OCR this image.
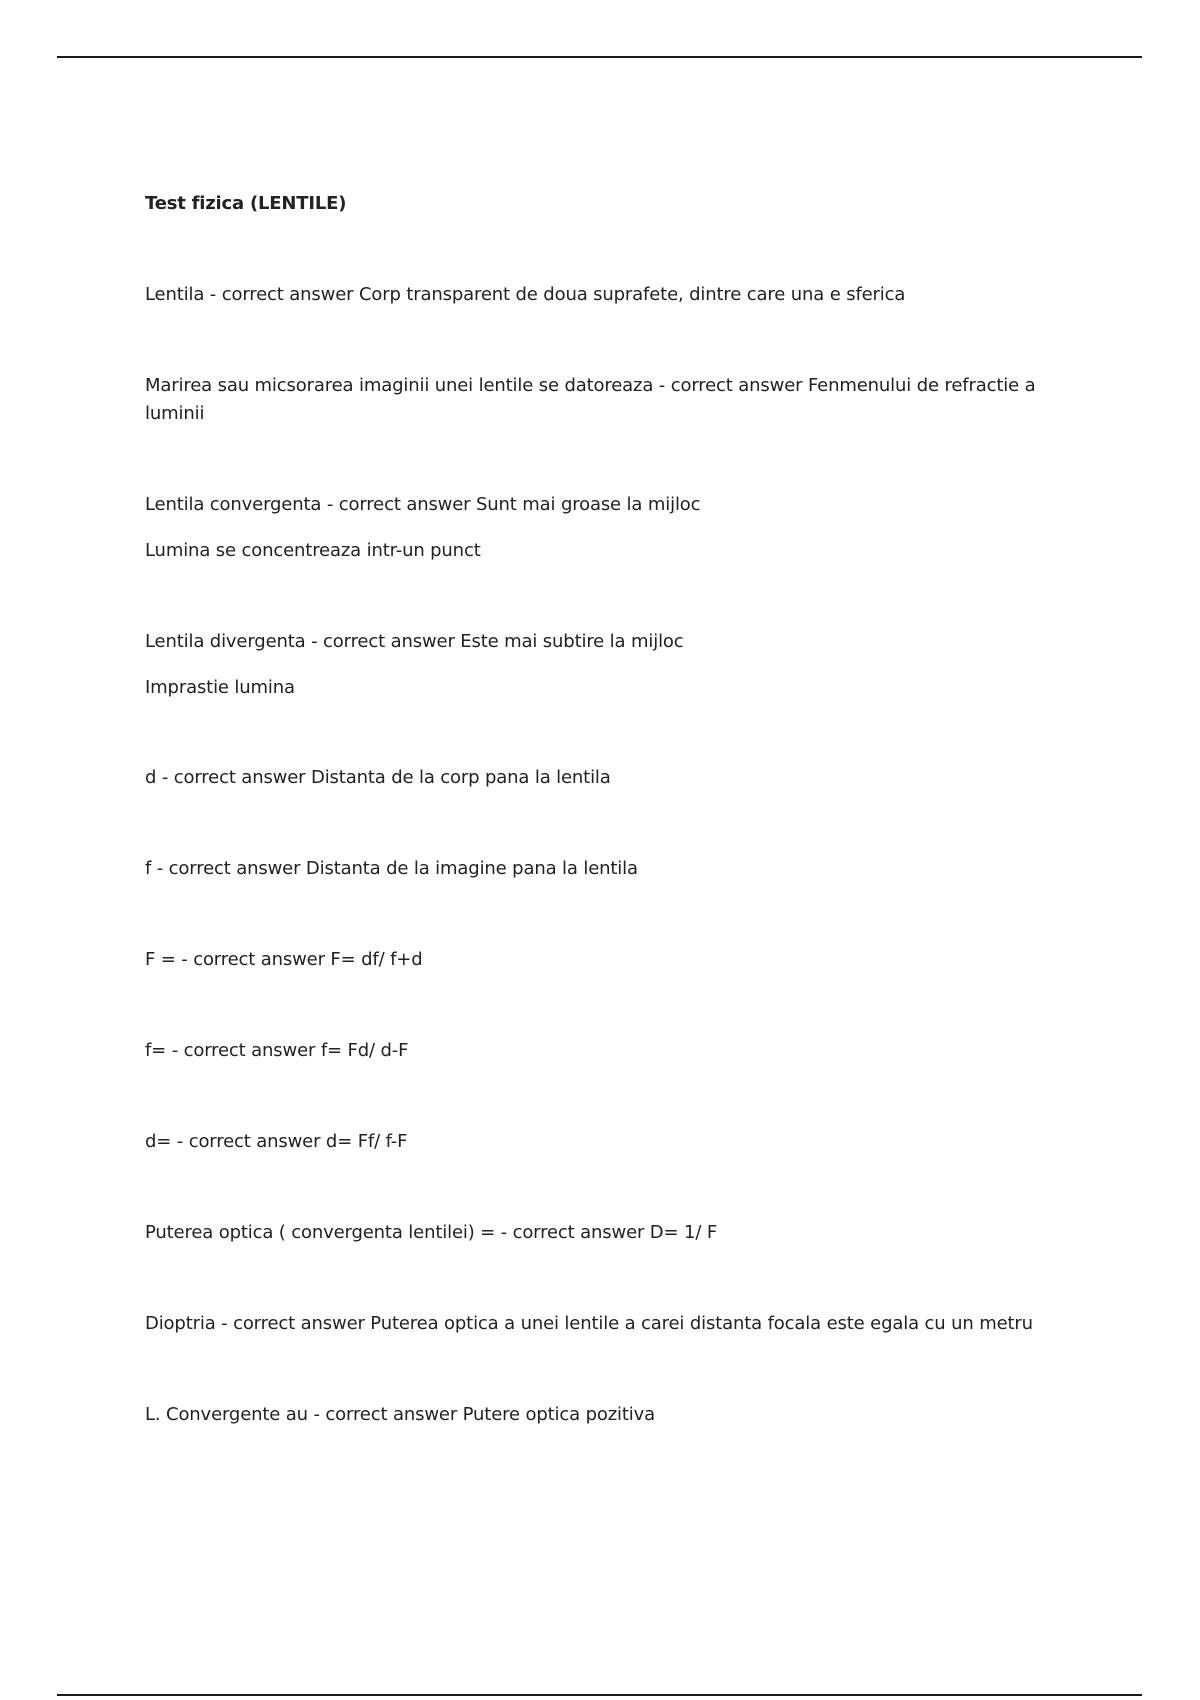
Test fizica (LENTILE)

Lentila - correct answer Corp transparent de doua suprafete, dintre care una e sferica

Marirea sau micsorarea imaginii unei lentile se datoreaza - correct answer Fenmenului de refractie a luminii

Lentila convergenta - correct answer Sunt mai groase la mijloc

Lumina se concentreaza intr-un punct

Lentila divergenta - correct answer Este mai subtire la mijloc

Imprastie lumina

d - correct answer Distanta de la corp pana la lentila

f - correct answer Distanta de la imagine pana la lentila

F = - correct answer F= df/ f+d

f= - correct answer f= Fd/ d-F

d= - correct answer d= Ff/ f-F

Puterea optica ( convergenta lentilei) = - correct answer D= 1/ F

Dioptria - correct answer Puterea optica a unei lentile a carei distanta focala este egala cu un metru

L. Convergente au - correct answer Putere optica pozitiva
